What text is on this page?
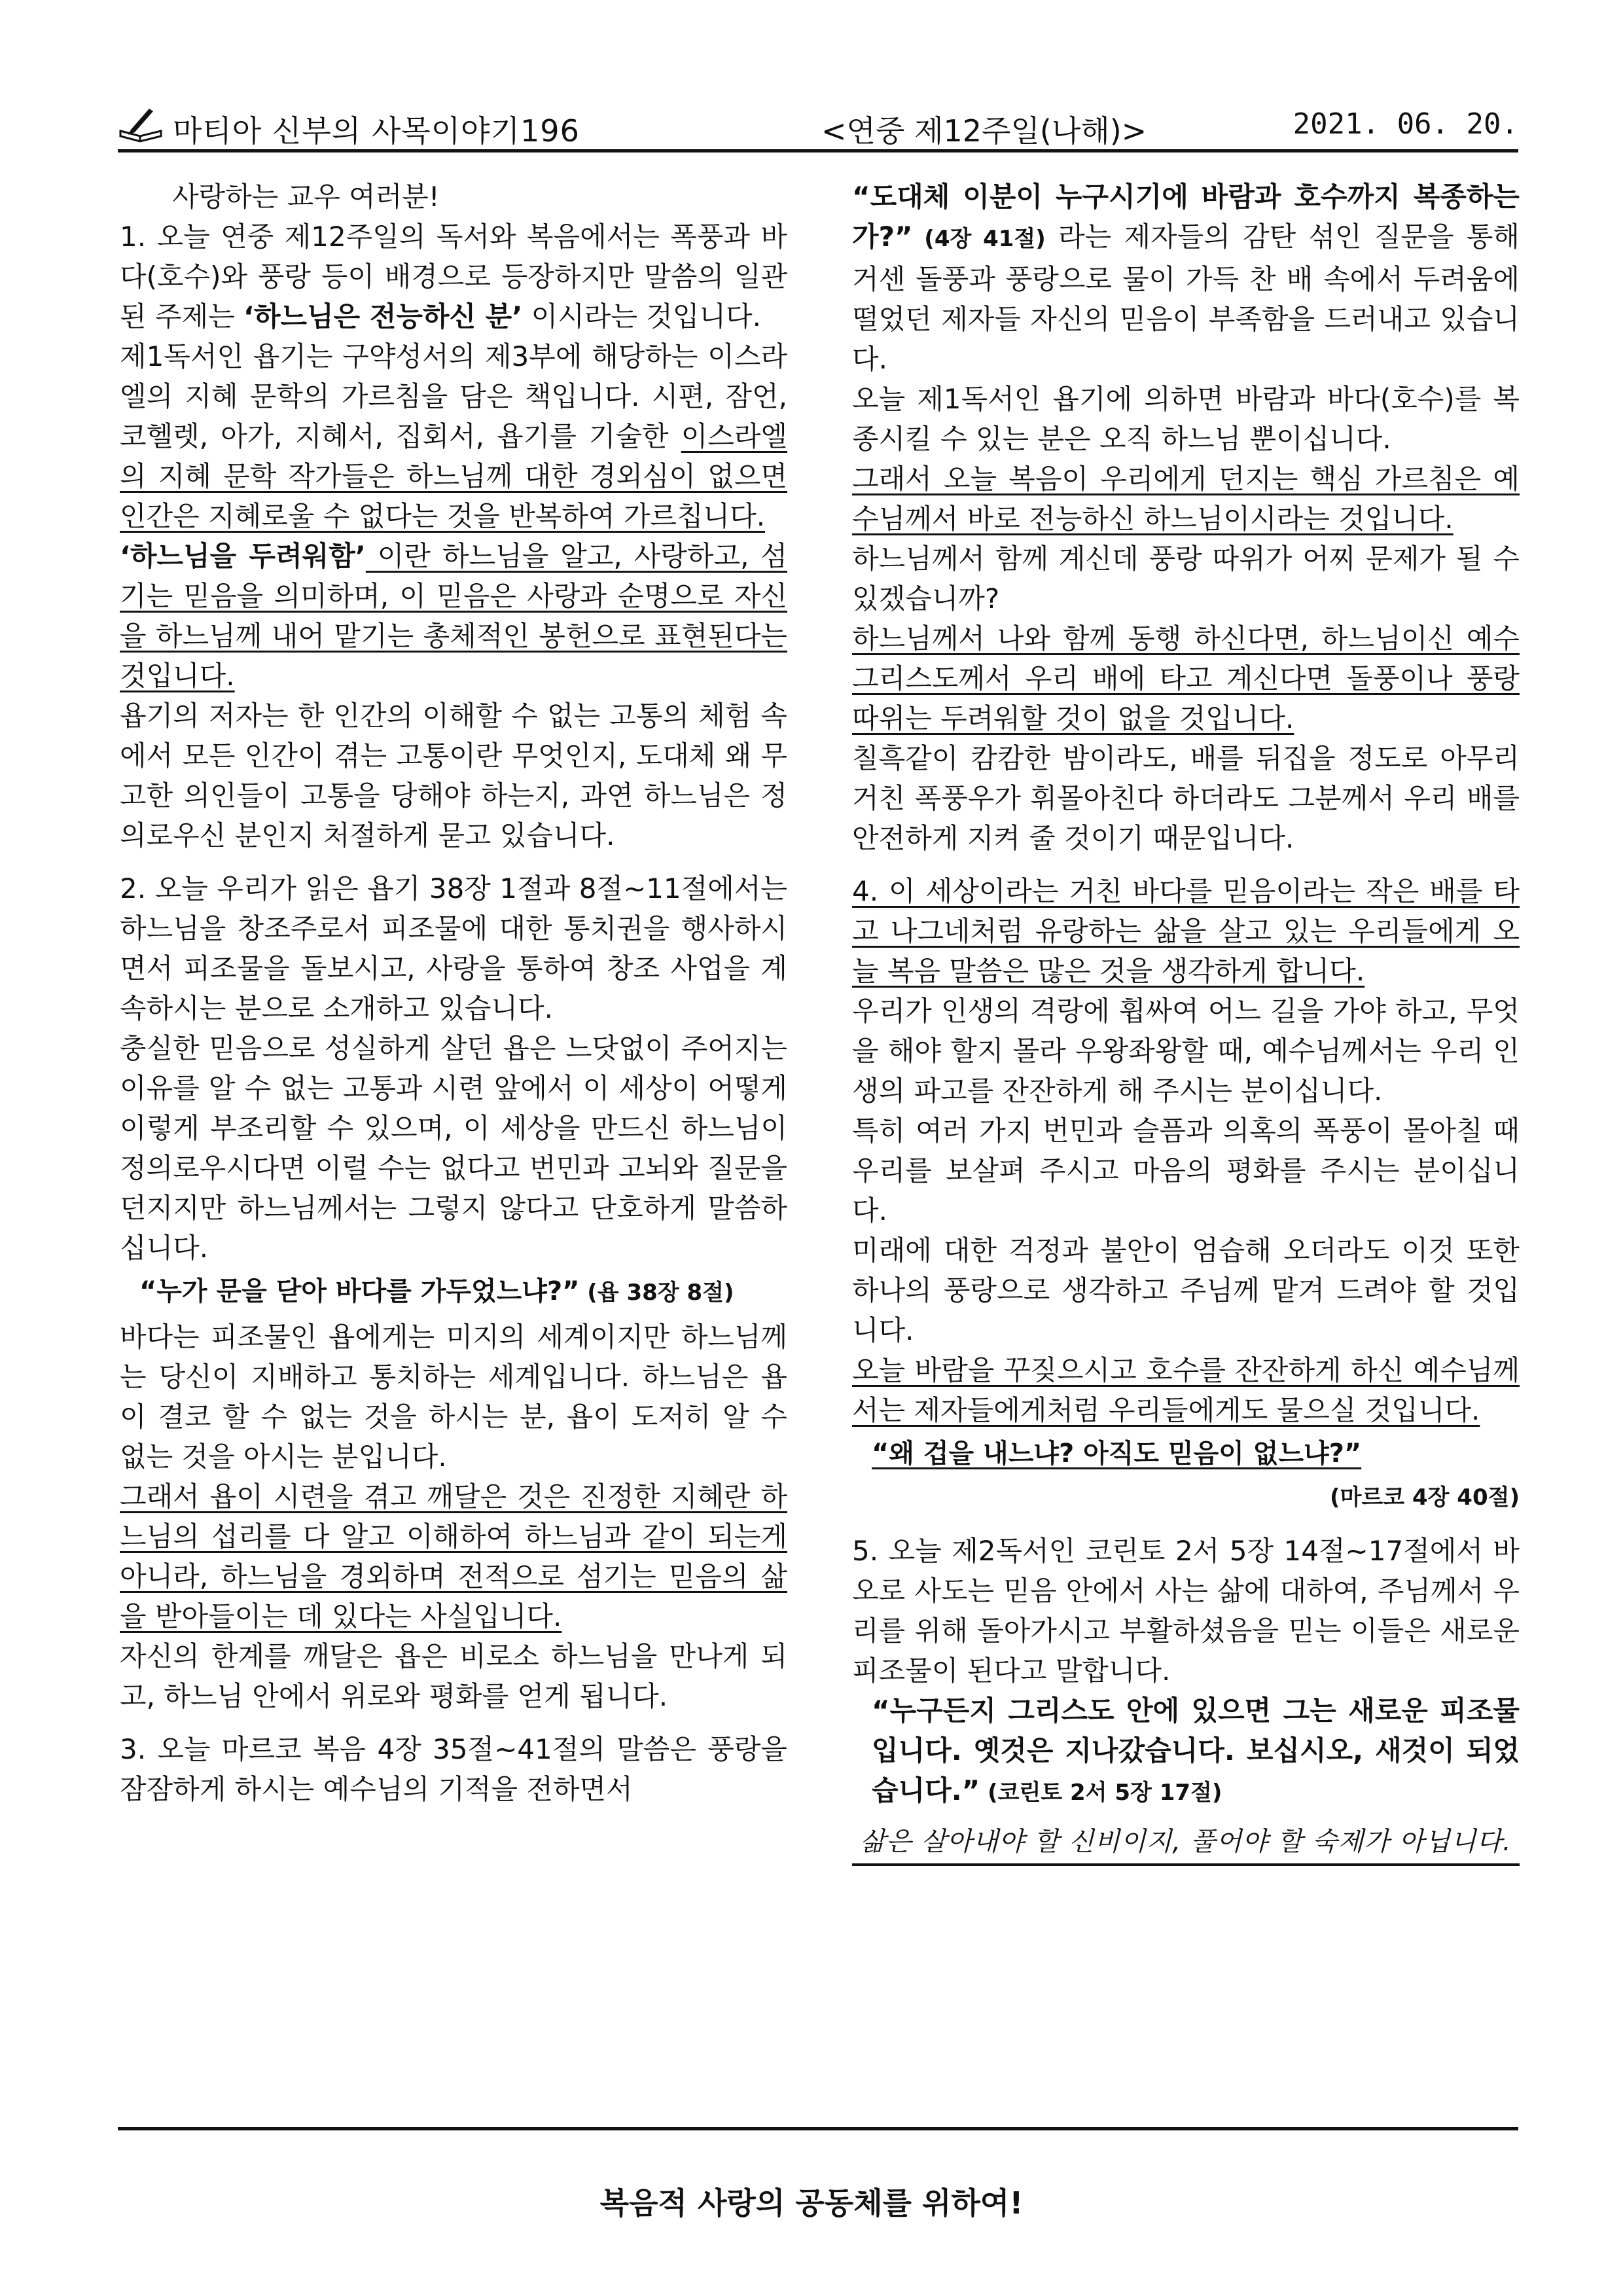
마티아 신부의 사목이야기196	<연중 제12주일(나해)>	2021. 06. 20.

사랑하는 교우 여러분!

1. 오늘 연중 제12주일의 독서와 복음에서는 폭풍과 바다(호수)와 풍랑 등이 배경으로 등장하지만 말씀의 일관된 주제는 ‘하느님은 전능하신 분’ 이시라는 것입니다.

제1독서인 욥기는 구약성서의 제3부에 해당하는 이스라엘의 지혜 문학의 가르침을 담은 책입니다. 시편, 잠언, 코헬렛, 아가, 지혜서, 집회서, 욥기를 기술한 이스라엘의 지혜 문학 작가들은 하느님께 대한 경외심이 없으면 인간은 지혜로울 수 없다는 것을 반복하여 가르칩니다.

‘하느님을 두려워함’ 이란 하느님을 알고, 사랑하고, 섬기는 믿음을 의미하며, 이 믿음은 사랑과 순명으로 자신을 하느님께 내어 맡기는 총체적인 봉헌으로 표현된다는 것입니다.

욥기의 저자는 한 인간의 이해할 수 없는 고통의 체험 속에서 모든 인간이 겪는 고통이란 무엇인지, 도대체 왜 무고한 의인들이 고통을 당해야 하는지, 과연 하느님은 정의로우신 분인지 처절하게 묻고 있습니다.

2. 오늘 우리가 읽은 욥기 38장 1절과 8절~11절에서는 하느님을 창조주로서 피조물에 대한 통치권을 행사하시면서 피조물을 돌보시고, 사랑을 통하여 창조 사업을 계속하시는 분으로 소개하고 있습니다.

충실한 믿음으로 성실하게 살던 욥은 느닷없이 주어지는 이유를 알 수 없는 고통과 시련 앞에서 이 세상이 어떻게 이렇게 부조리할 수 있으며, 이 세상을 만드신 하느님이 정의로우시다면 이럴 수는 없다고 번민과 고뇌와 질문을 던지지만 하느님께서는 그렇지 않다고 단호하게 말씀하십니다.

“누가 문을 닫아 바다를 가두었느냐?” (욥 38장 8절)

바다는 피조물인 욥에게는 미지의 세계이지만 하느님께는 당신이 지배하고 통치하는 세계입니다. 하느님은 욥이 결코 할 수 없는 것을 하시는 분, 욥이 도저히 알 수 없는 것을 아시는 분입니다.

그래서 욥이 시련을 겪고 깨달은 것은 진정한 지혜란 하느님의 섭리를 다 알고 이해하여 하느님과 같이 되는게 아니라, 하느님을 경외하며 전적으로 섬기는 믿음의 삶을 받아들이는 데 있다는 사실입니다.

자신의 한계를 깨달은 욥은 비로소 하느님을 만나게 되고, 하느님 안에서 위로와 평화를 얻게 됩니다.

3. 오늘 마르코 복음 4장 35절~41절의 말씀은 풍랑을 잠잠하게 하시는 예수님의 기적을 전하면서

“도대체 이분이 누구시기에 바람과 호수까지 복종하는가?” (4장 41절) 라는 제자들의 감탄 섞인 질문을 통해 거센 돌풍과 풍랑으로 물이 가득 찬 배 속에서 두려움에 떨었던 제자들 자신의 믿음이 부족함을 드러내고 있습니다.

오늘 제1독서인 욥기에 의하면 바람과 바다(호수)를 복종시킬 수 있는 분은 오직 하느님 뿐이십니다.

그래서 오늘 복음이 우리에게 던지는 핵심 가르침은 예수님께서 바로 전능하신 하느님이시라는 것입니다.

하느님께서 함께 계신데 풍랑 따위가 어찌 문제가 될 수 있겠습니까?

하느님께서 나와 함께 동행 하신다면, 하느님이신 예수 그리스도께서 우리 배에 타고 계신다면 돌풍이나 풍랑 따위는 두려워할 것이 없을 것입니다.

칠흑같이 캄캄한 밤이라도, 배를 뒤집을 정도로 아무리 거친 폭풍우가 휘몰아친다 하더라도 그분께서 우리 배를 안전하게 지켜 줄 것이기 때문입니다.

4. 이 세상이라는 거친 바다를 믿음이라는 작은 배를 타고 나그네처럼 유랑하는 삶을 살고 있는 우리들에게 오늘 복음 말씀은 많은 것을 생각하게 합니다.

우리가 인생의 격랑에 휩싸여 어느 길을 가야 하고, 무엇을 해야 할지 몰라 우왕좌왕할 때, 예수님께서는 우리 인생의 파고를 잔잔하게 해 주시는 분이십니다.

특히 여러 가지 번민과 슬픔과 의혹의 폭풍이 몰아칠 때 우리를 보살펴 주시고 마음의 평화를 주시는 분이십니다.

미래에 대한 걱정과 불안이 엄습해 오더라도 이것 또한 하나의 풍랑으로 생각하고 주님께 맡겨 드려야 할 것입니다.

오늘 바람을 꾸짖으시고 호수를 잔잔하게 하신 예수님께서는 제자들에게처럼 우리들에게도 물으실 것입니다.

“왜 겁을 내느냐? 아직도 믿음이 없느냐?”

(마르코 4장 40절)

5. 오늘 제2독서인 코린토 2서 5장 14절~17절에서 바오로 사도는 믿음 안에서 사는 삶에 대하여, 주님께서 우리를 위해 돌아가시고 부활하셨음을 믿는 이들은 새로운 피조물이 된다고 말합니다.

“누구든지 그리스도 안에 있으면 그는 새로운 피조물입니다. 옛것은 지나갔습니다. 보십시오, 새것이 되었습니다.” (코린토 2서 5장 17절)

삶은 살아내야 할 신비이지, 풀어야 할 숙제가 아닙니다.

복음적 사랑의 공동체를 위하여!
